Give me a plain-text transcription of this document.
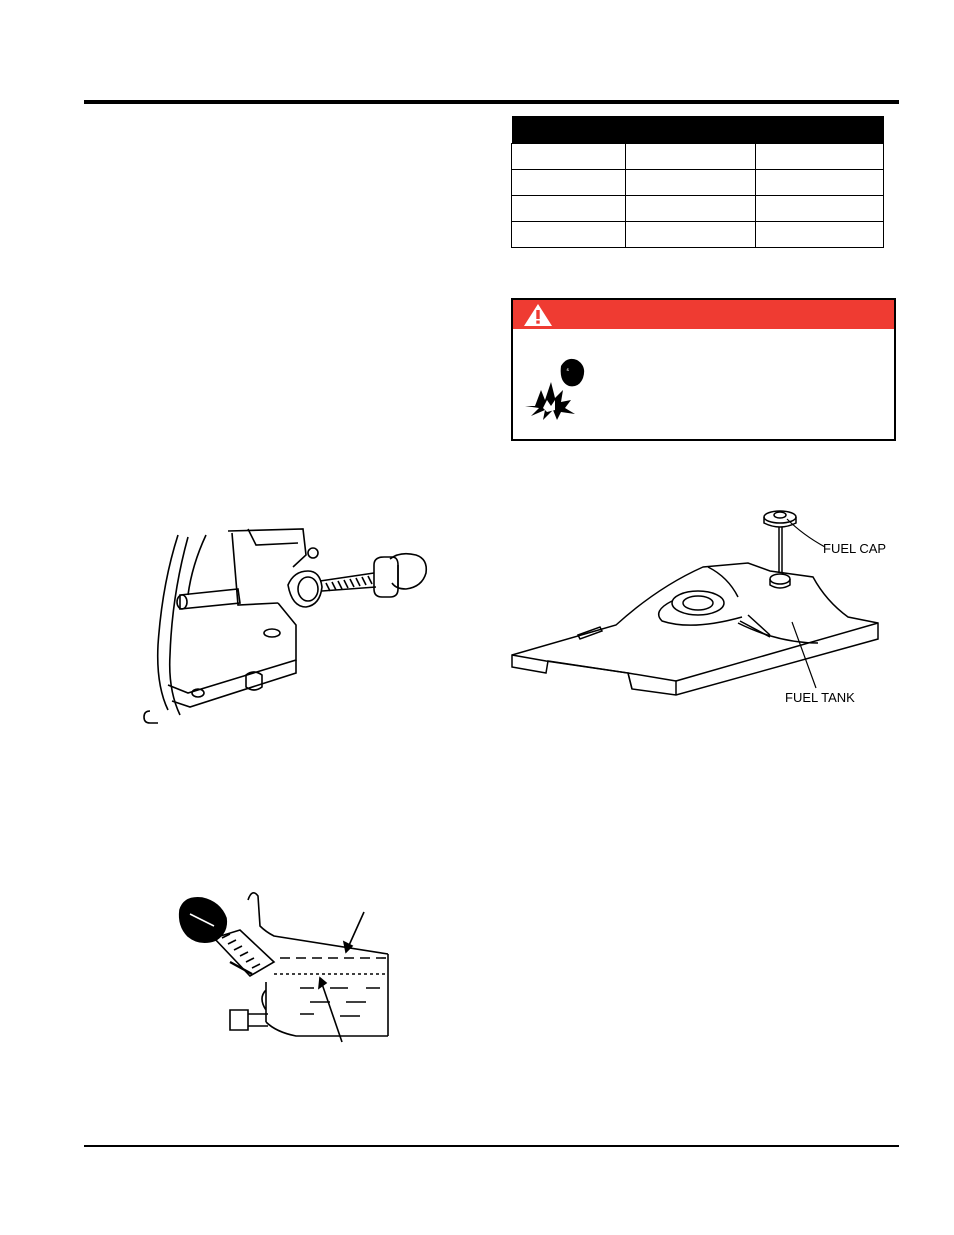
FUEL CAP
FUEL TANK
